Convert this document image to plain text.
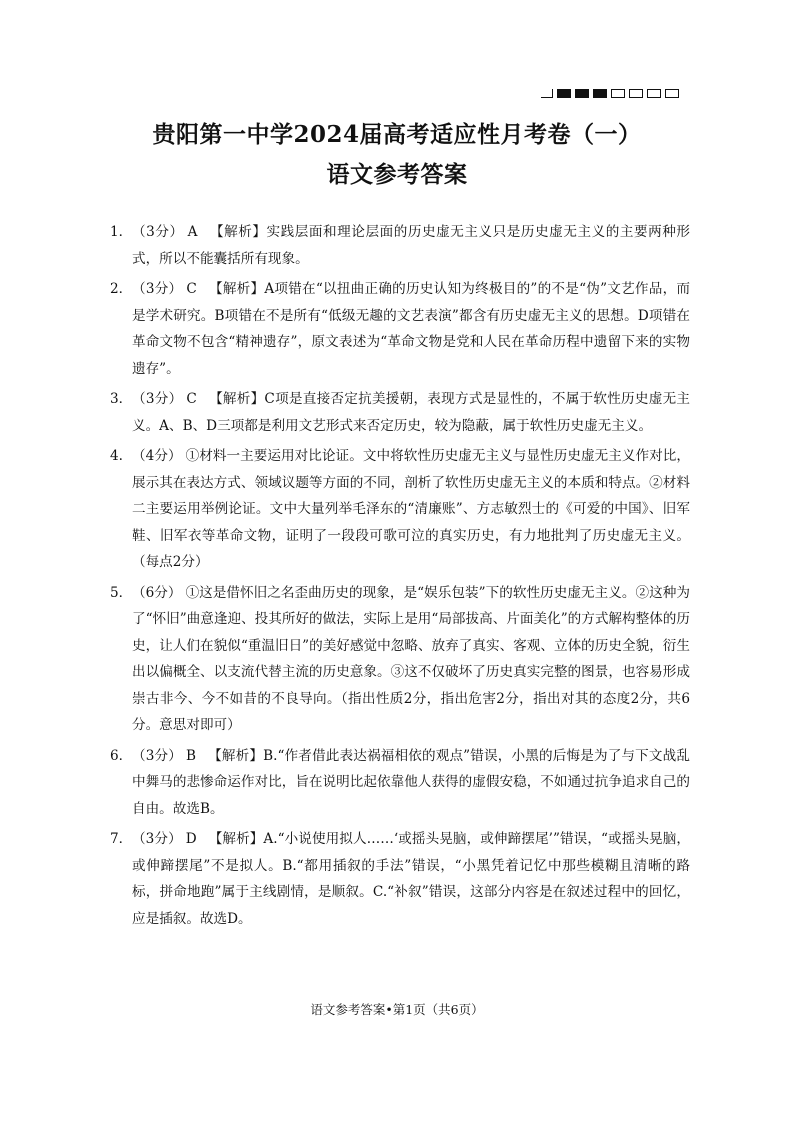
贵阳第一中学2024届高考适应性月考卷（一）
语文参考答案
1． （3分） A 【解析】实践层面和理论层面的历史虚无主义只是历史虚无主义的主要两种形式，所以不能囊括所有现象。
2． （3分） C 【解析】A项错在“以扭曲正确的历史认知为终极目的”的不是“伪”文艺作品，而是学术研究。B项错在不是所有“低级无趣的文艺表演”都含有历史虚无主义的思想。D项错在革命文物不包含“精神遗存”，原文表述为“革命文物是党和人民在革命历程中遗留下来的实物遗存”。
3． （3分） C 【解析】C项是直接否定抗美援朝，表现方式是显性的，不属于软性历史虚无主义。A、B、D三项都是利用文艺形式来否定历史，较为隐蔽，属于软性历史虚无主义。
4. （4分） ①材料一主要运用对比论证。文中将软性历史虚无主义与显性历史虚无主义作对比，展示其在表达方式、领域议题等方面的不同，剖析了软性历史虚无主义的本质和特点。②材料二主要运用举例论证。文中大量列举毛泽东的“清廉账”、方志敏烈士的《可爱的中国》、旧军鞋、旧军衣等革命文物，证明了一段段可歌可泣的真实历史，有力地批判了历史虚无主义。（每点2分）
5． （6分） ①这是借怀旧之名歪曲历史的现象，是“娱乐包装”下的软性历史虚无主义。②这种为了“怀旧”曲意逢迎、投其所好的做法，实际上是用“局部拔高、片面美化”的方式解构整体的历史，让人们在貌似“重温旧日”的美好感觉中忽略、放弃了真实、客观、立体的历史全貌，衍生出以偏概全、以支流代替主流的历史意象。③这不仅破坏了历史真实完整的图景，也容易形成崇古非今、今不如昔的不良导向。（指出性质2分，指出危害2分，指出对其的态度2分，共6分。意思对即可）
6． （3分） B 【解析】B.“作者借此表达祸福相依的观点”错误，小黑的后悔是为了与下文战乱中舞马的悲惨命运作对比，旨在说明比起依靠他人获得的虚假安稳，不如通过抗争追求自己的自由。故选B。
7． （3分） D 【解析】A.“小说使用拟人……‘或摇头晃脑，或伸蹄摆尾’”错误，“或摇头晃脑，或伸蹄摆尾”不是拟人。B.“都用插叙的手法”错误，“小黑凭着记忆中那些模糊且清晰的路标，拼命地跑”属于主线剧情，是顺叙。C.“补叙”错误，这部分内容是在叙述过程中的回忆，应是插叙。故选D。
语文参考答案•第1页（共6页）
